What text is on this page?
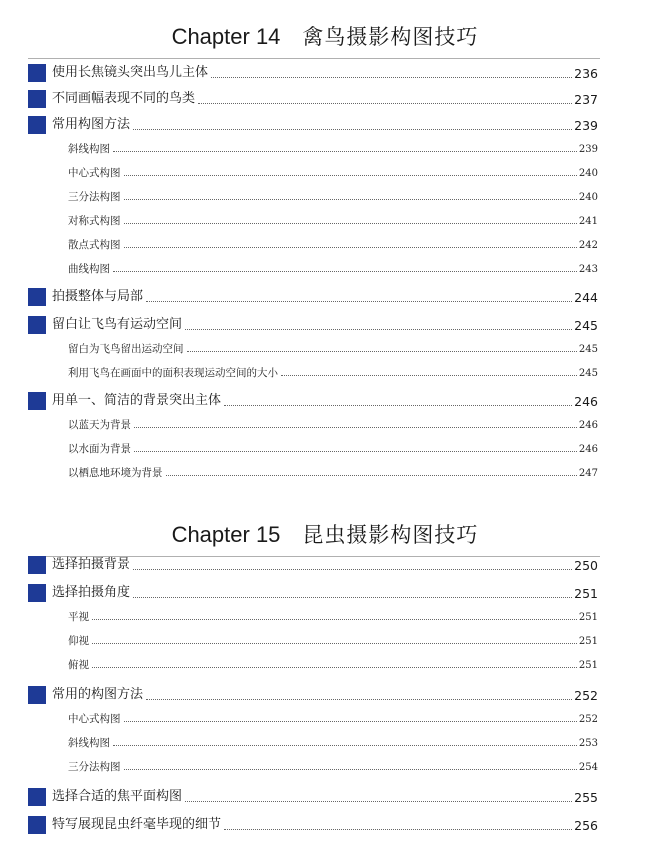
Chapter 14 禽鸟摄影构图技巧
使用长焦镜头突出鸟儿主体	236
不同画幅表现不同的鸟类	237
常用构图方法	239
斜线构图	239
中心式构图	240
三分法构图	240
对称式构图	241
散点式构图	242
曲线构图	243
拍摄整体与局部	244
留白让飞鸟有运动空间	245
留白为飞鸟留出运动空间	245
利用飞鸟在画面中的面积表现运动空间的大小	245
用单一、简洁的背景突出主体	246
以蓝天为背景	246
以水面为背景	246
以栖息地环境为背景	247
Chapter 15 昆虫摄影构图技巧
选择拍摄背景	250
选择拍摄角度	251
平视	251
仰视	251
俯视	251
常用的构图方法	252
中心式构图	252
斜线构图	253
三分法构图	254
选择合适的焦平面构图	255
特写展现昆虫纤毫毕现的细节	256
